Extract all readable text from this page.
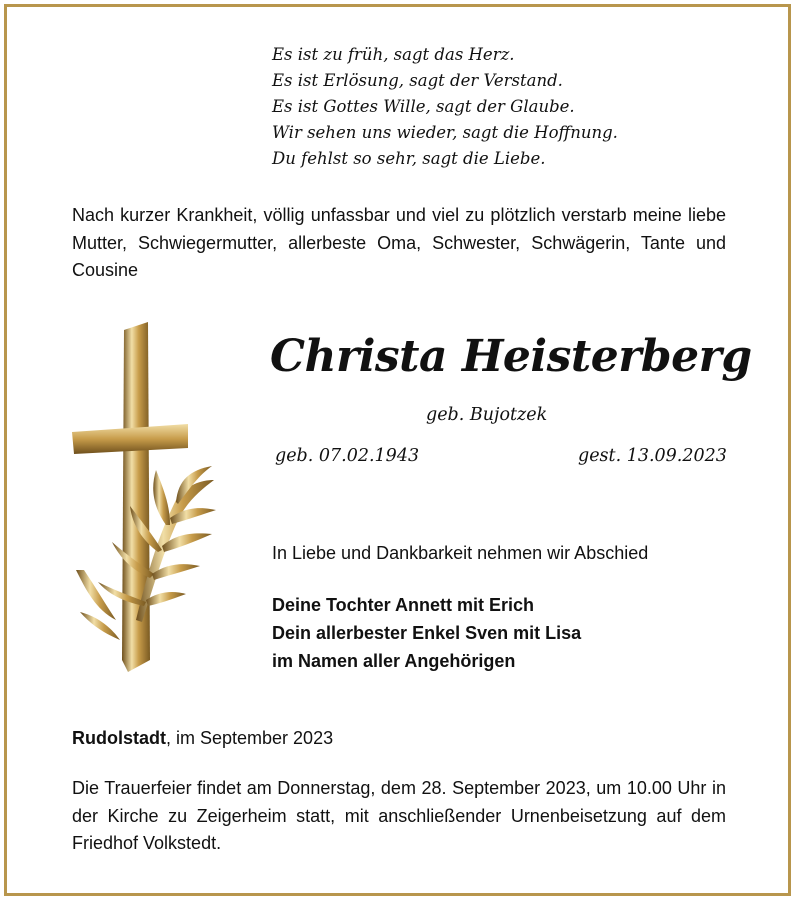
Es ist zu früh, sagt das Herz.
Es ist Erlösung, sagt der Verstand.
Es ist Gottes Wille, sagt der Glaube.
Wir sehen uns wieder, sagt die Hoffnung.
Du fehlst so sehr, sagt die Liebe.
Nach kurzer Krankheit, völlig unfassbar und viel zu plötzlich verstarb meine liebe Mutter, Schwiegermutter, allerbeste Oma, Schwester, Schwägerin, Tante und Cousine
Christa Heisterberg
geb. Bujotzek
geb. 07.02.1943	gest. 13.09.2023
In Liebe und Dankbarkeit nehmen wir Abschied
Deine Tochter Annett mit Erich
Dein allerbester Enkel Sven mit Lisa
im Namen aller Angehörigen
Rudolstadt, im September 2023
Die Trauerfeier findet am Donnerstag, dem 28. September 2023, um 10.00 Uhr in der Kirche zu Zeigerheim statt, mit anschließender Urnenbeisetzung auf dem Friedhof Volkstedt.
